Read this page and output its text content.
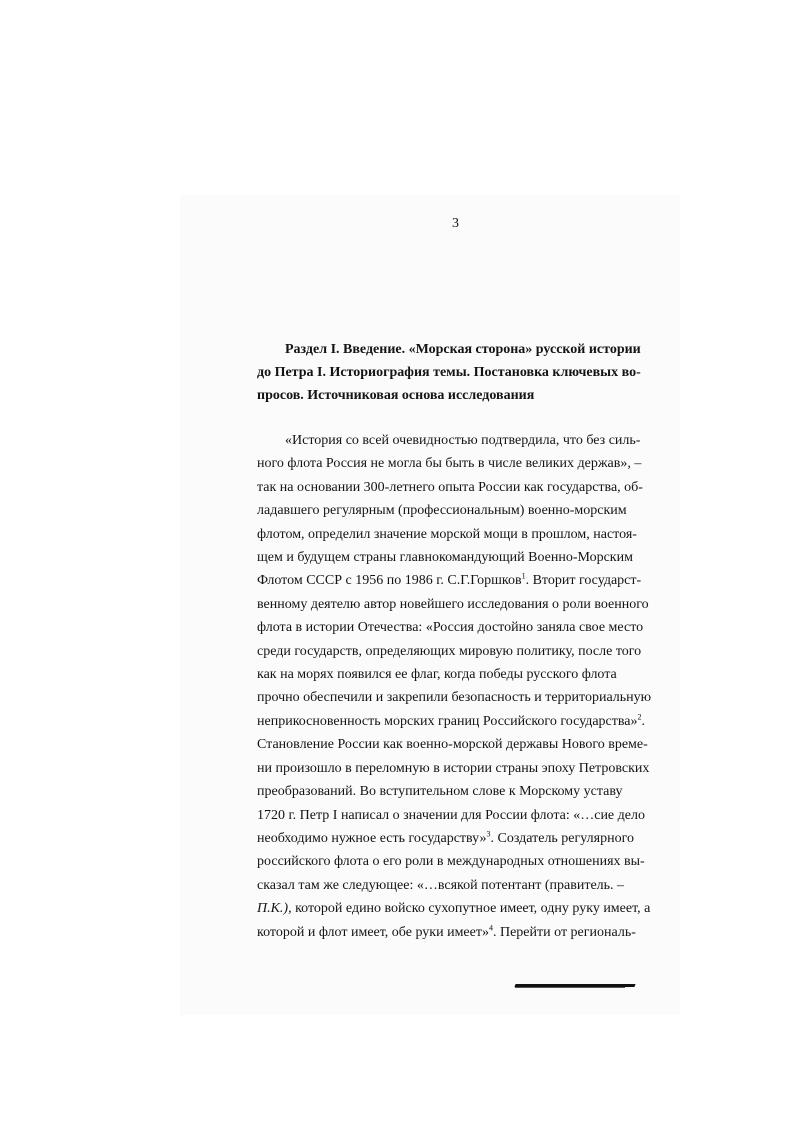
3
Раздел I. Введение. «Морская сторона» русской истории
до Петра I. Историография темы. Постановка ключевых во-
просов. Источниковая основа исследования
«История со всей очевидностью подтвердила, что без силь-
ного флота Россия не могла бы быть в числе великих держав», –
так на основании 300-летнего опыта России как государства, об-
ладавшего регулярным (профессиональным) военно-морским
флотом, определил значение морской мощи в прошлом, настоя-
щем и будущем страны главнокомандующий Военно-Морским
Флотом СССР с 1956 по 1986 г. С.Г.Горшков$^1$. Вторит государст-
венному деятелю автор новейшего исследования о роли военного
флота в истории Отечества: «Россия достойно заняла свое место
среди государств, определяющих мировую политику, после того
как на морях появился ее флаг, когда победы русского флота
прочно обеспечили и закрепили безопасность и территориальную
неприкосновенность морских границ Российского государства»$^2$.
Становление России как военно-морской державы Нового време-
ни произошло в переломную в истории страны эпоху Петровских
преобразований. Во вступительном слове к Морскому уставу
1720 г. Петр I написал о значении для России флота: «…сие дело
необходимо нужное есть государству»$^3$. Создатель регулярного
российского флота о его роли в международных отношениях вы-
сказал там же следующее: «…всякой потентант (правитель. –
П.К.), которой едино войско сухопутное имеет, одну руку имеет, а
которой и флот имеет, обе руки имеет»$^4$. Перейти от региональ-
